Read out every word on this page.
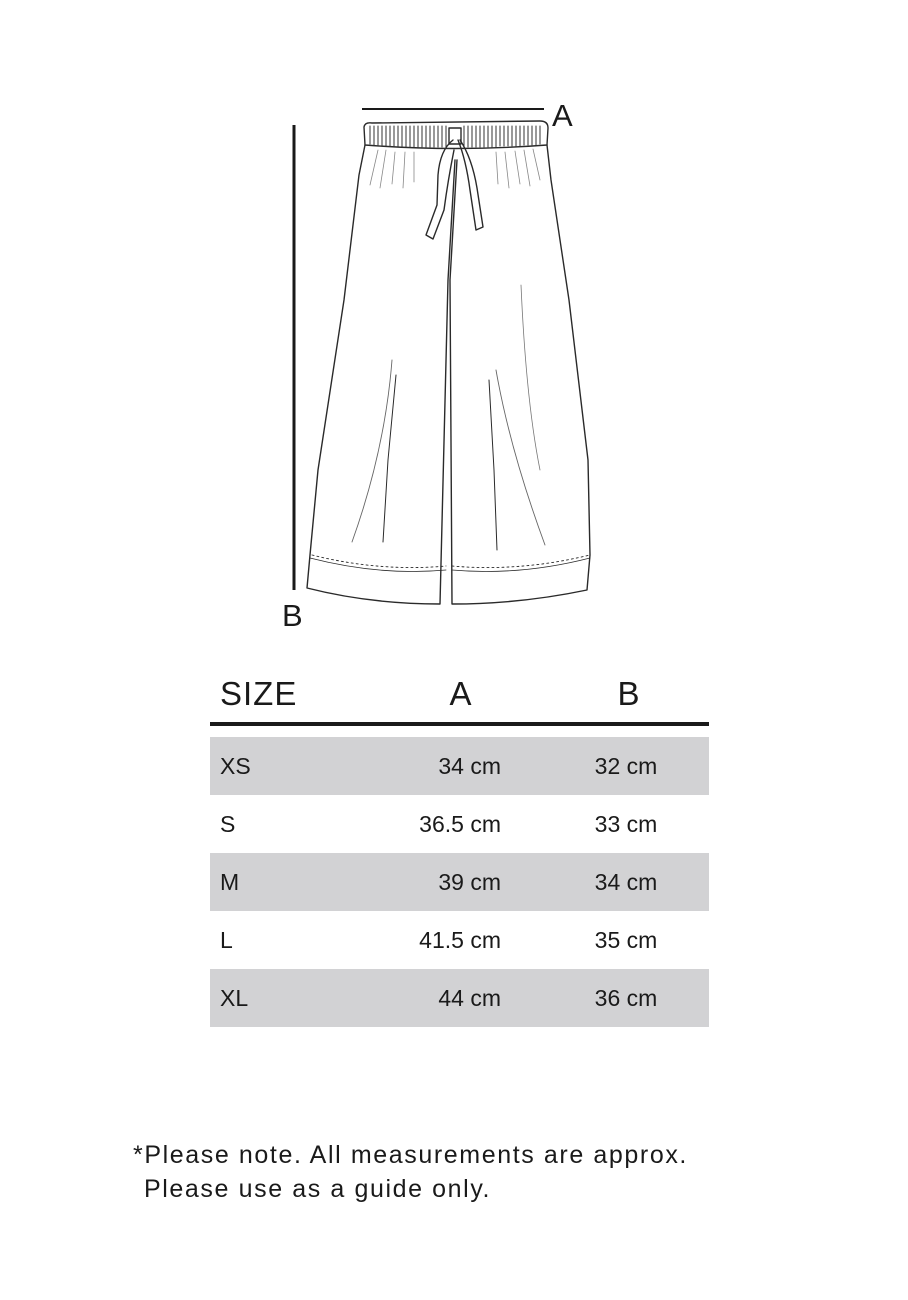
A
B
SIZE	A	B
XS	34 cm	32 cm
S	36.5 cm	33 cm
M	39 cm	34 cm
L	41.5 cm	35 cm
XL	44 cm	36 cm
*Please note. All measurements are approx.
Please use as a guide only.
